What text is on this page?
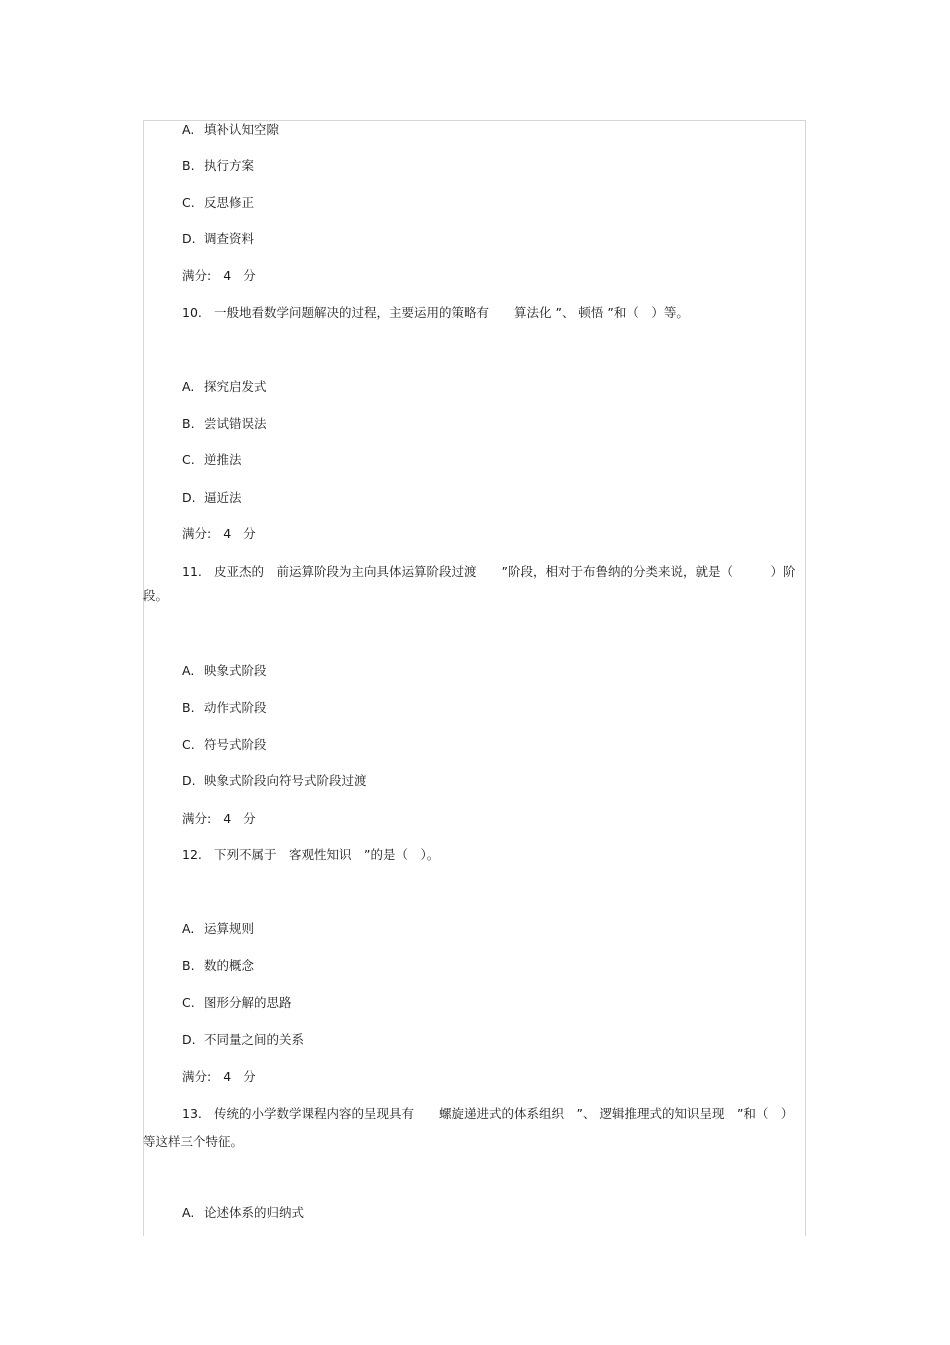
A. 填补认知空隙
B. 执行方案
C. 反思修正
D. 调查资料
满分: 4 分
10. 一般地看数学问题解决的过程，主要运用的策略有　　算法化 ”、 顿悟 ”和（　）等。
A. 探究启发式
B. 尝试错误法
C. 逆推法
D. 逼近法
满分: 4 分
11. 皮亚杰的　前运算阶段为主向具体运算阶段过渡　　”阶段，相对于布鲁纳的分类来说，就是（　　　）阶
段。
A. 映象式阶段
B. 动作式阶段
C. 符号式阶段
D. 映象式阶段向符号式阶段过渡
满分: 4 分
12. 下列不属于　客观性知识　”的是（　）。
A. 运算规则
B. 数的概念
C. 图形分解的思路
D. 不同量之间的关系
满分: 4 分
13. 传统的小学数学课程内容的呈现具有　　螺旋递进式的体系组织　”、 逻辑推理式的知识呈现　”和（　）
等这样三个特征。
A. 论述体系的归纳式
